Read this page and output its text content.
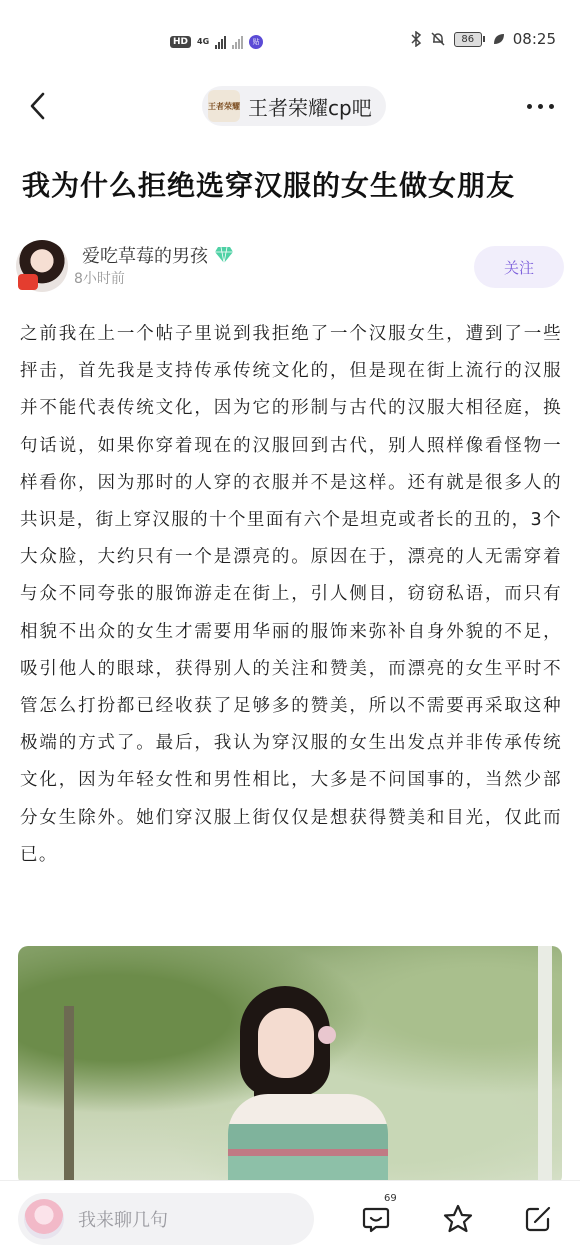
HD	4G	贴	86	08:25
王者荣耀 王者荣耀cp吧
我为什么拒绝选穿汉服的女生做女朋友
爱吃草莓的男孩
8小时前
关注

之前我在上一个帖子里说到我拒绝了一个汉服女生，遭到了一些抨击，首先我是支持传承传统文化的，但是现在街上流行的汉服并不能代表传统文化，因为它的形制与古代的汉服大相径庭，换句话说，如果你穿着现在的汉服回到古代，别人照样像看怪物一样看你，因为那时的人穿的衣服并不是这样。还有就是很多人的共识是，街上穿汉服的十个里面有六个是坦克或者长的丑的，3个大众脸，大约只有一个是漂亮的。原因在于，漂亮的人无需穿着与众不同夸张的服饰游走在街上，引人侧目，窃窃私语，而只有相貌不出众的女生才需要用华丽的服饰来弥补自身外貌的不足，吸引他人的眼球，获得别人的关注和赞美，而漂亮的女生平时不管怎么打扮都已经收获了足够多的赞美，所以不需要再采取这种极端的方式了。最后，我认为穿汉服的女生出发点并非传承传统文化，因为年轻女性和男性相比，大多是不问国事的，当然少部分女生除外。她们穿汉服上街仅仅是想获得赞美和目光，仅此而已。

我来聊几句
69
